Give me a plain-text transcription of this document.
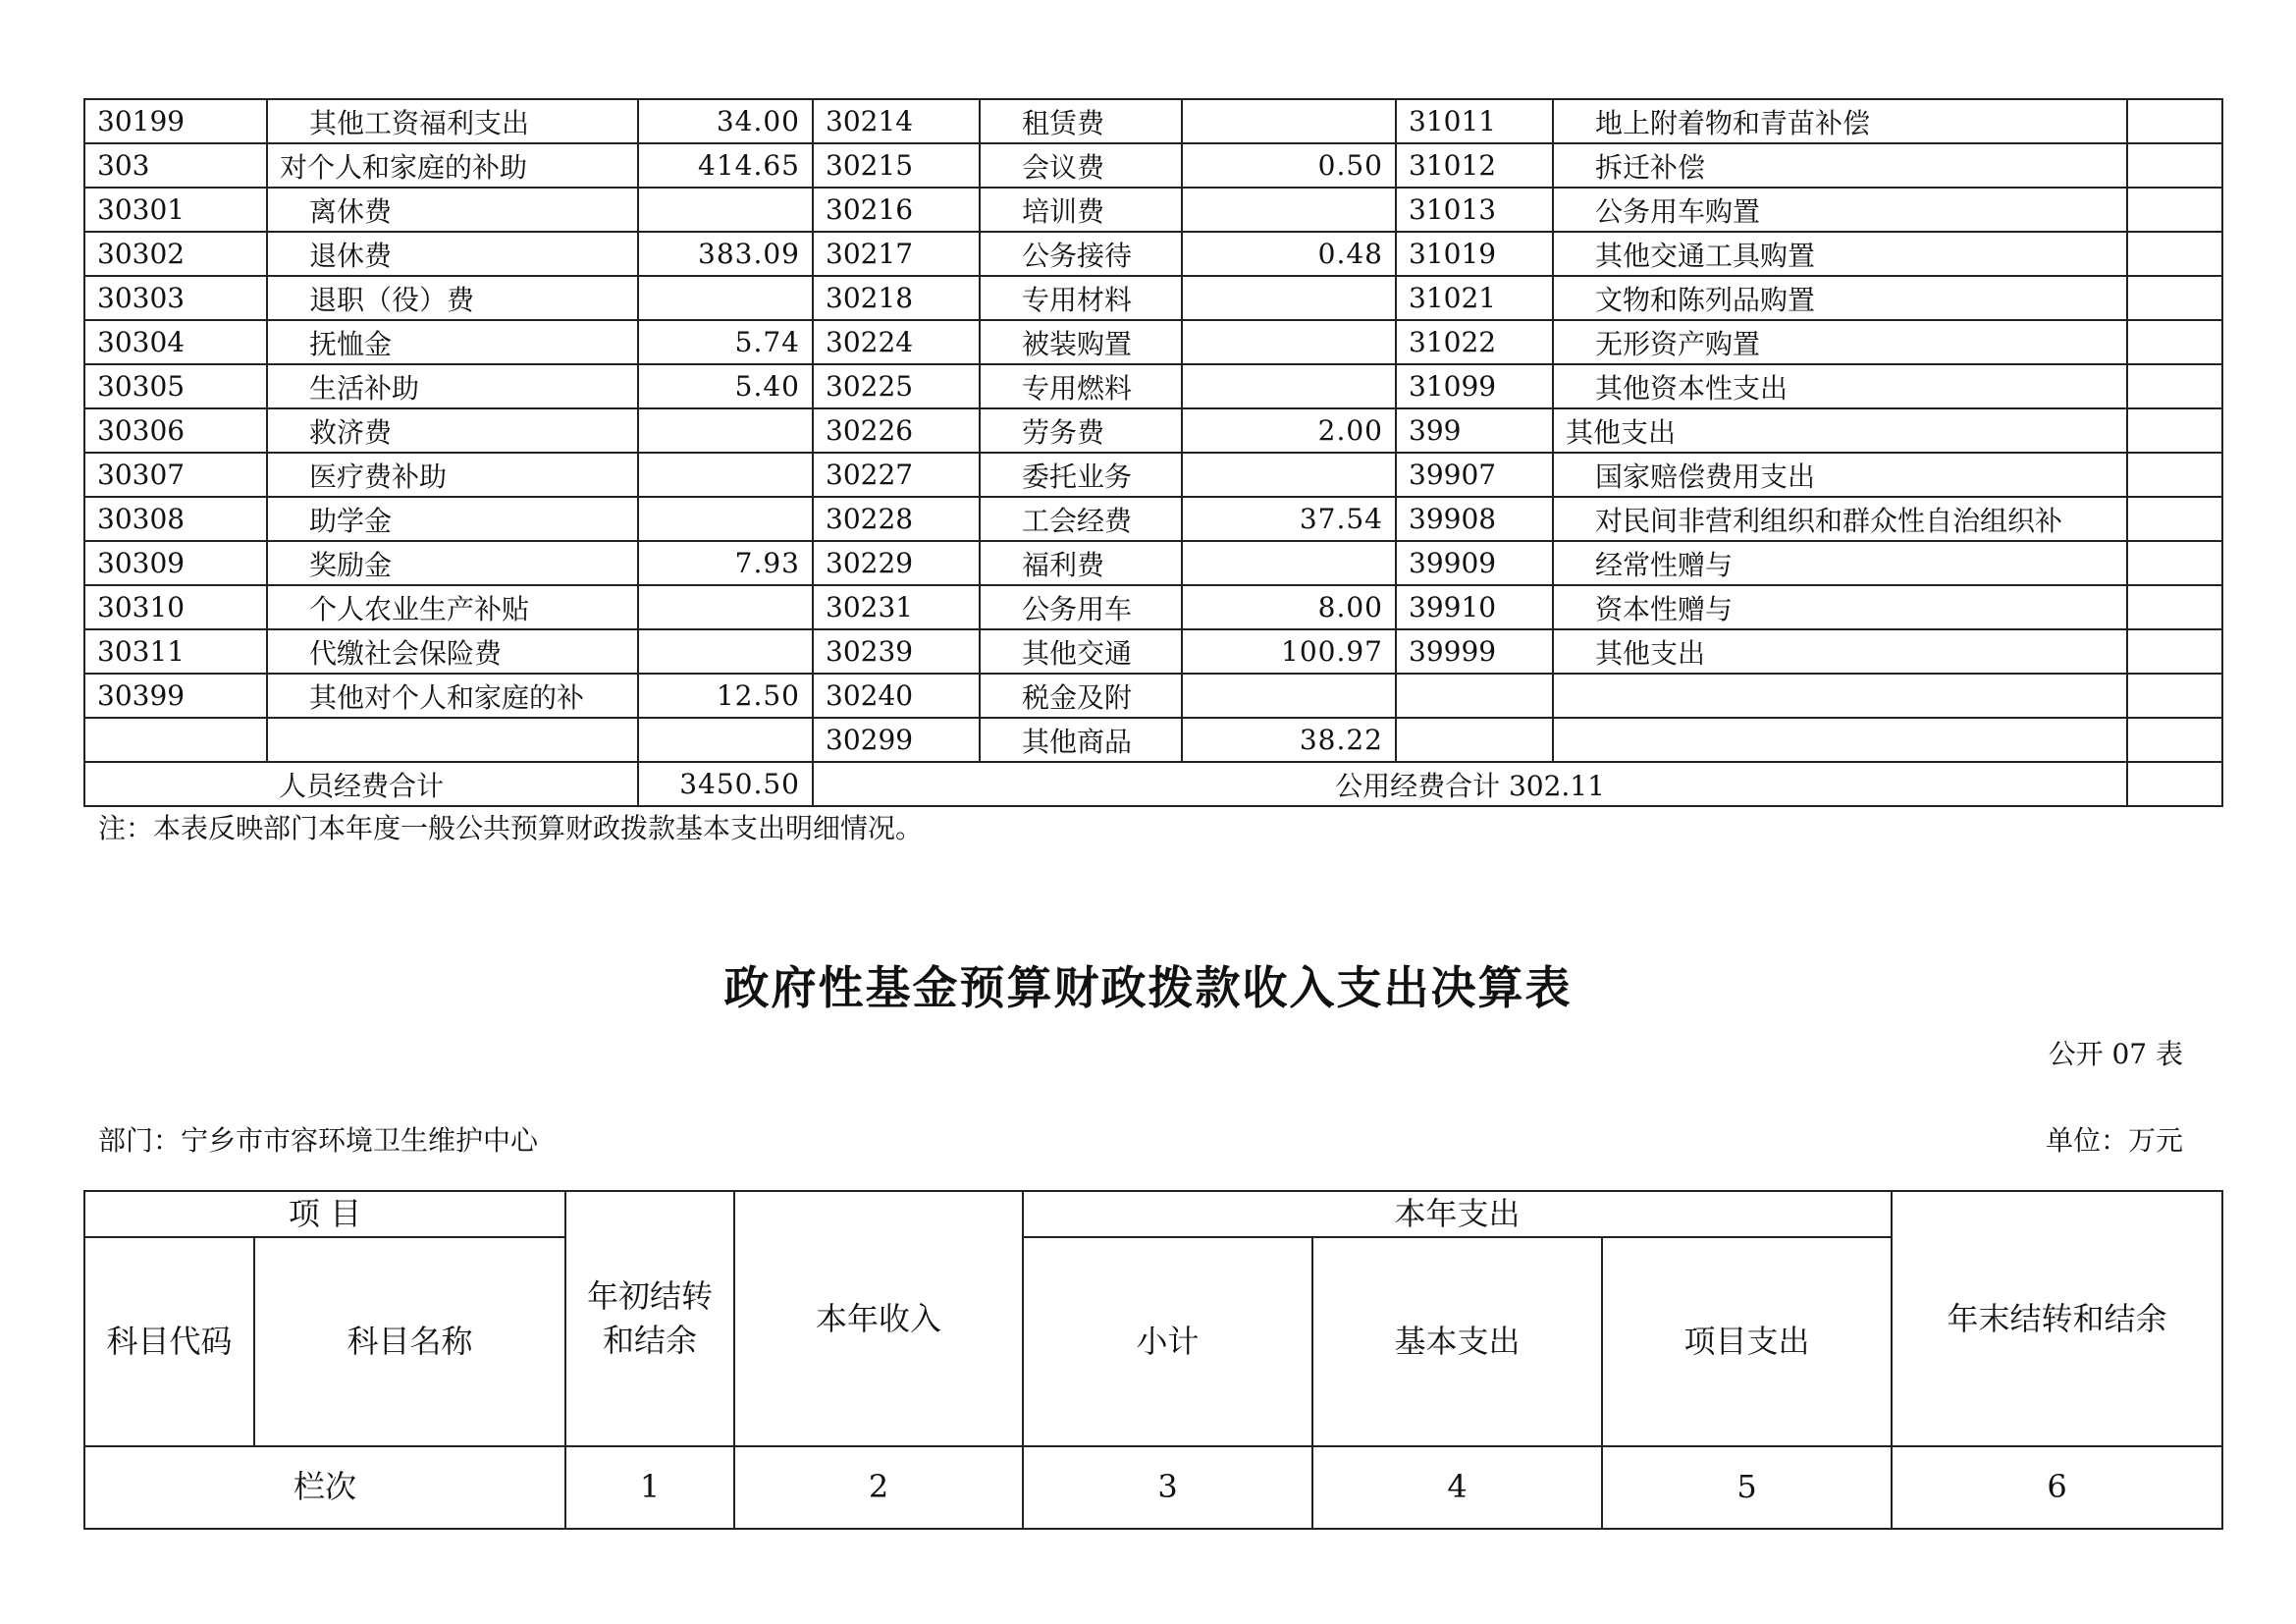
30199	其他工资福利支出	34.00	30214	租赁费		31011	地上附着物和青苗补偿	
303	对个人和家庭的补助	414.65	30215	会议费	0.50	31012	拆迁补偿	
30301	离休费		30216	培训费		31013	公务用车购置	
30302	退休费	383.09	30217	公务接待	0.48	31019	其他交通工具购置	
30303	退职（役）费		30218	专用材料		31021	文物和陈列品购置	
30304	抚恤金	5.74	30224	被装购置		31022	无形资产购置	
30305	生活补助	5.40	30225	专用燃料		31099	其他资本性支出	
30306	救济费		30226	劳务费	2.00	399	其他支出	
30307	医疗费补助		30227	委托业务		39907	国家赔偿费用支出	
30308	助学金		30228	工会经费	37.54	39908	对民间非营利组织和群众性自治组织补	
30309	奖励金	7.93	30229	福利费		39909	经常性赠与	
30310	个人农业生产补贴		30231	公务用车	8.00	39910	资本性赠与	
30311	代缴社会保险费		30239	其他交通	100.97	39999	其他支出	
30399	其他对个人和家庭的补	12.50	30240	税金及附				
			30299	其他商品	38.22			
人员经费合计		3450.50	公用经费合计 302.11					
注：本表反映部门本年度一般公共预算财政拨款基本支出明细情况。
政府性基金预算财政拨款收入支出决算表
公开 07 表
部门：宁乡市市容环境卫生维护中心	单位：万元
项 目		年初结转和结余	本年收入	本年支出			年末结转和结余
科目代码	科目名称			小计	基本支出	项目支出	
栏次		1	2	3	4	5	6
